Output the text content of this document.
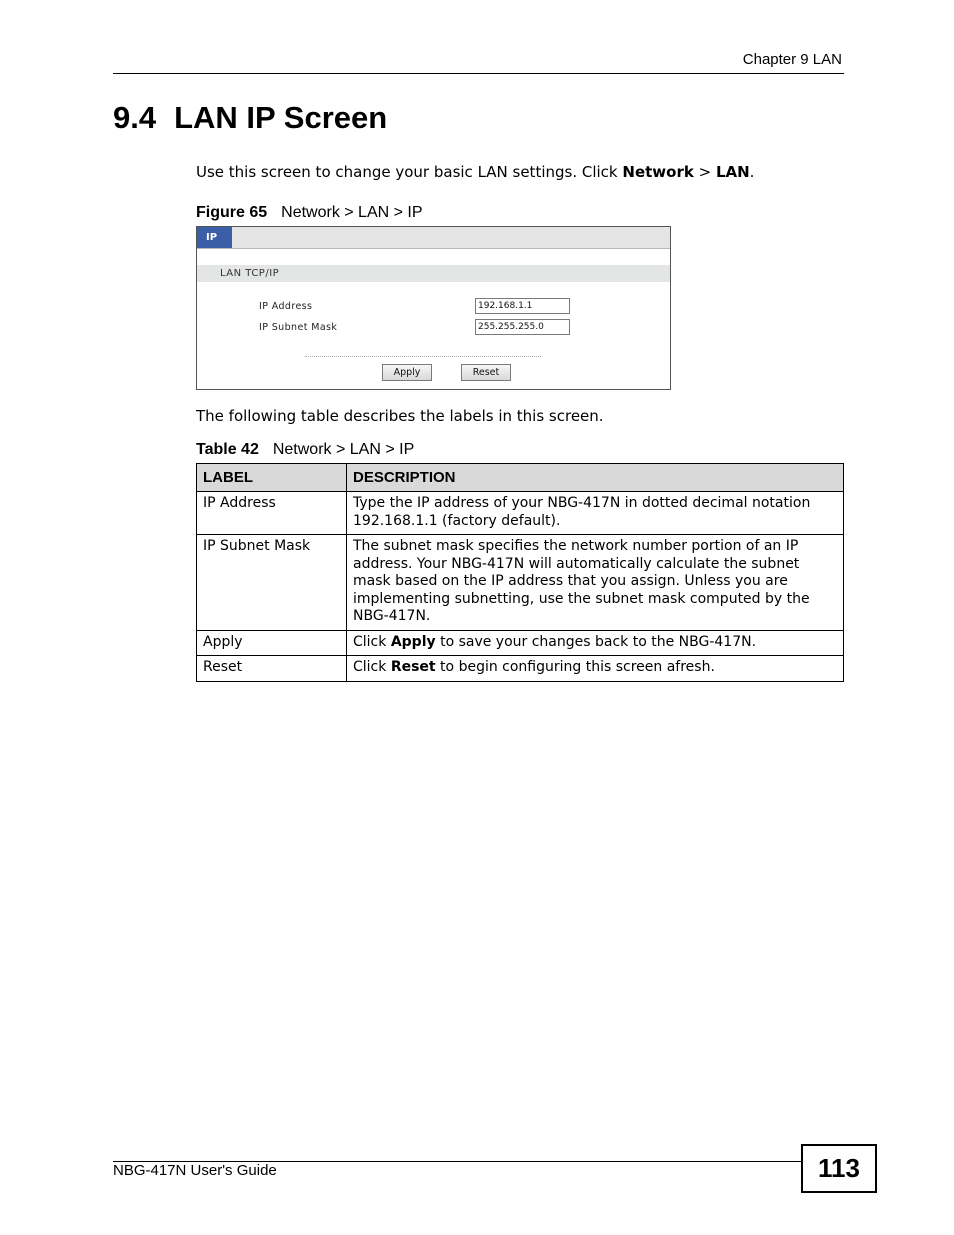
Chapter 9 LAN
9.4 LAN IP Screen
Use this screen to change your basic LAN settings. Click Network > LAN.
Figure 65 Network > LAN > IP
IP
LAN TCP/IP
IP Address	192.168.1.1
IP Subnet Mask	255.255.255.0
Apply	Reset
The following table describes the labels in this screen.
Table 42 Network > LAN > IP
LABEL	DESCRIPTION
IP Address	Type the IP address of your NBG-417N in dotted decimal notation 192.168.1.1 (factory default).
IP Subnet Mask	The subnet mask specifies the network number portion of an IP address. Your NBG-417N will automatically calculate the subnet mask based on the IP address that you assign. Unless you are implementing subnetting, use the subnet mask computed by the NBG-417N.
Apply	Click Apply to save your changes back to the NBG-417N.
Reset	Click Reset to begin configuring this screen afresh.
NBG-417N User's Guide	113
